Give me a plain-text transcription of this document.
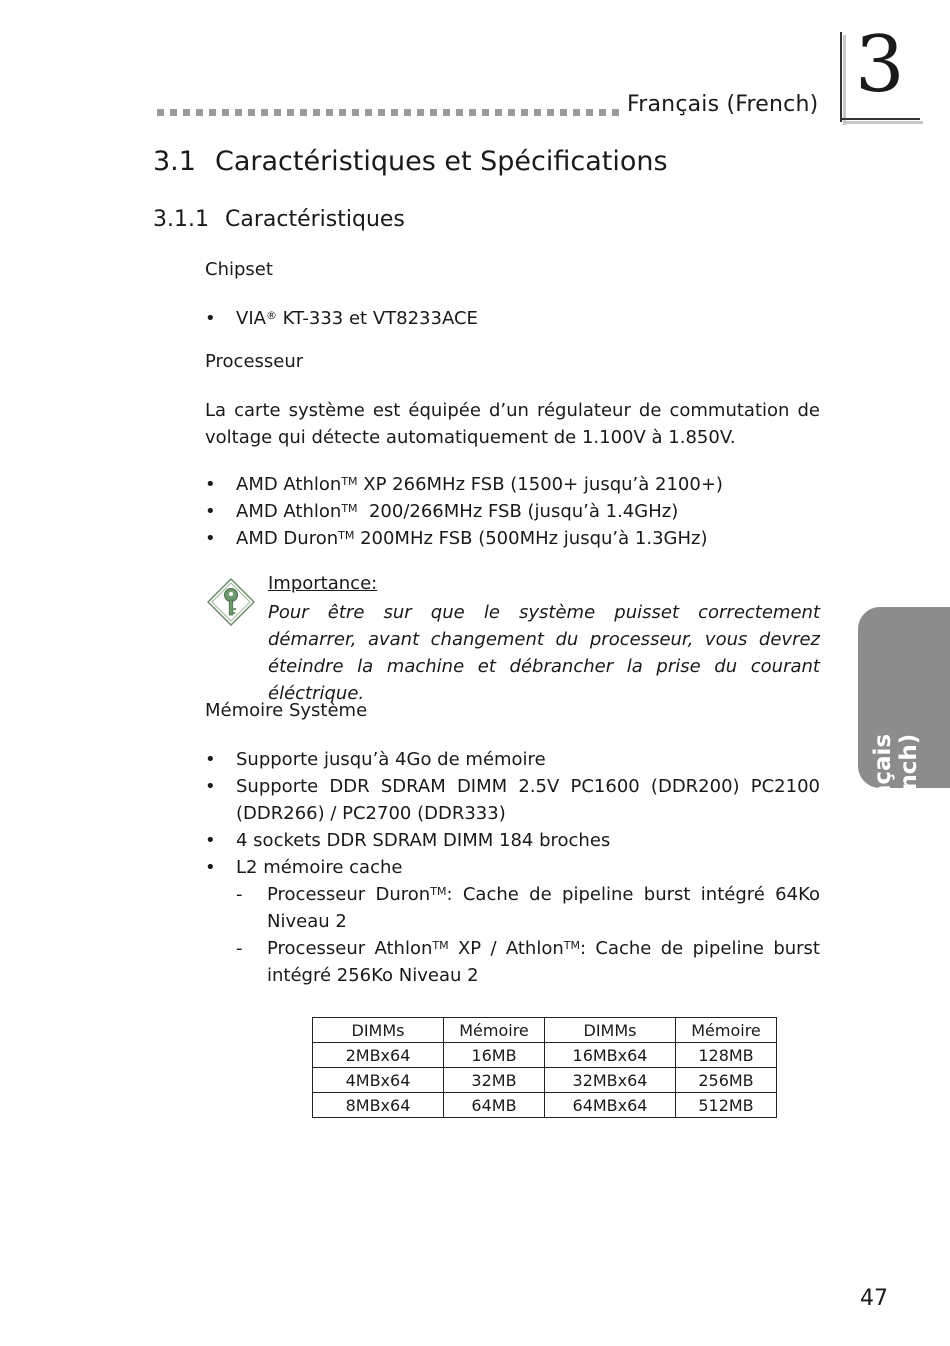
Français (French) 3
3.1 Caractéristiques et Spécifications
3.1.1 Caractéristiques
Chipset
• VIA® KT-333 et VT8233ACE
Processeur
La carte système est équipée d’un régulateur de commutation de voltage qui détecte automatiquement de 1.100V à 1.850V.
• AMD Athlon™ XP 266MHz FSB (1500+ jusqu’à 2100+)
• AMD Athlon™  200/266MHz FSB (jusqu’à 1.4GHz)
• AMD Duron™ 200MHz FSB (500MHz jusqu’à 1.3GHz)
Importance:
Pour être sur que le système puisset correctement démarrer, avant changement du processeur, vous devrez éteindre la machine et débrancher la prise du courant éléctrique.
Français (French)
Mémoire Système
• Supporte jusqu’à 4Go de mémoire
• Supporte DDR SDRAM DIMM 2.5V PC1600 (DDR200) PC2100 (DDR266) / PC2700 (DDR333)
• 4 sockets DDR SDRAM DIMM 184 broches
• L2 mémoire cache
- Processeur Duron™: Cache de pipeline burst intégré 64Ko Niveau 2
- Processeur Athlon™ XP / Athlon™: Cache de pipeline burst intégré 256Ko Niveau 2
DIMMs	Mémoire	DIMMs	Mémoire
2MBx64	16MB	16MBx64	128MB
4MBx64	32MB	32MBx64	256MB
8MBx64	64MB	64MBx64	512MB
47
